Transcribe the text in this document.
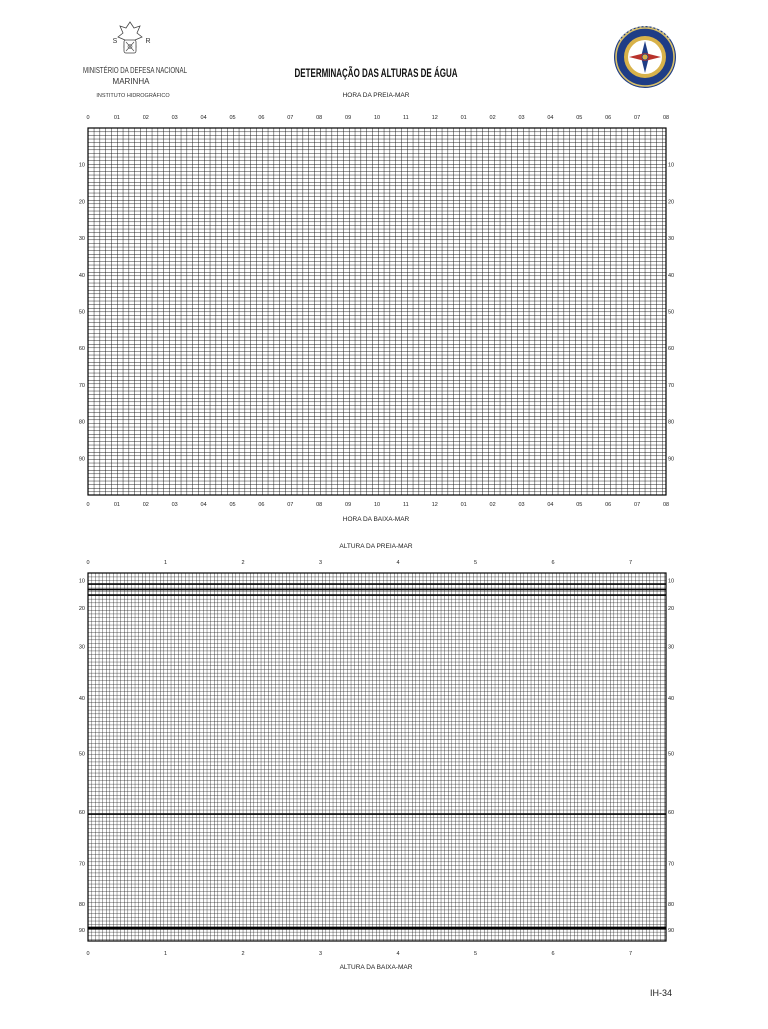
S	R
MINISTÉRIO DA DEFESA NACIONAL
MARINHA
INSTITUTO HIDROGRÁFICO
DETERMINAÇÃO DAS ALTURAS DE ÁGUA
HORA DA PREIA-MAR
0	01	02	03	04	05	06	07	08	09	10	11	12	01	02	03	04	05	06	07	08
10
20
30
40
50
60
70
80
90
10
20
30
40
50
60
70
80
90
0	01	02	03	04	05	06	07	08	09	10	11	12	01	02	03	04	05	06	07	08
HORA DA BAIXA-MAR
ALTURA DA PREIA-MAR
0	1	2	3	4	5	6	7
10
20
30
40
50
60
70
80
90
10
20
30
40
50
60
70
80
90
0	1	2	3	4	5	6	7
ALTURA DA BAIXA-MAR
IH-34
